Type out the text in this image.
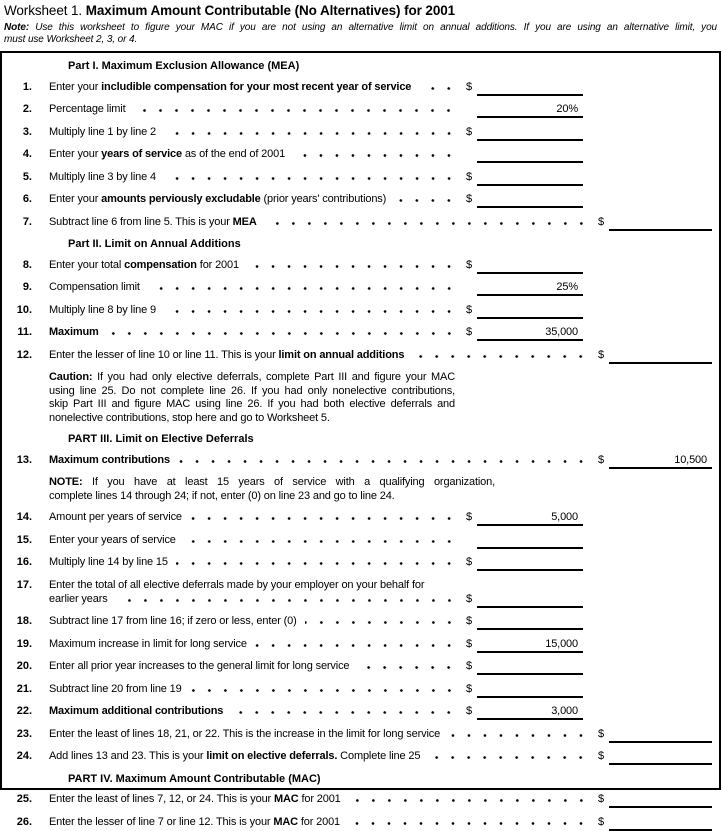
Worksheet 1. Maximum Amount Contributable (No Alternatives) for 2001
Note: Use this worksheet to figure your MAC if you are not using an alternative limit on annual additions. If you are using an alternative limit, you
must use Worksheet 2, 3, or 4.
Part I. Maximum Exclusion Allowance (MEA)
1. Enter your includible compensation for your most recent year of service	$
2. Percentage limit	20%
3. Multiply line 1 by line 2	$
4. Enter your years of service as of the end of 2001
5. Multiply line 3 by line 4	$
6. Enter your amounts perviously excludable (prior years' contributions)	$
7. Subtract line 6 from line 5. This is your MEA	$
Part II. Limit on Annual Additions
8. Enter your total compensation for 2001	$
9. Compensation limit	25%
10. Multiply line 8 by line 9	$
11. Maximum	$	35,000
12. Enter the lesser of line 10 or line 11. This is your limit on annual additions	$
Caution: If you had only elective deferrals, complete Part III and figure your MAC
using line 25. Do not complete line 26. If you had only nonelective contributions,
skip Part III and figure MAC using line 26. If you had both elective deferrals and
nonelective contributions, stop here and go to Worksheet 5.
PART III. Limit on Elective Deferrals
13. Maximum contributions	$	10,500
NOTE: If you have at least 15 years of service with a qualifying organization,
complete lines 14 through 24; if not, enter (0) on line 23 and go to line 24.
14. Amount per years of service	$	5,000
15. Enter your years of service
16. Multiply line 14 by line 15	$
17. Enter the total of all elective deferrals made by your employer on your behalf for
earlier years	$
18. Subtract line 17 from line 16; if zero or less, enter (0)	$
19. Maximum increase in limit for long service	$	15,000
20. Enter all prior year increases to the general limit for long service	$
21. Subtract line 20 from line 19	$
22. Maximum additional contributions	$	3,000
23. Enter the least of lines 18, 21, or 22. This is the increase in the limit for long service	$
24. Add lines 13 and 23. This is your limit on elective deferrals. Complete line 25	$
PART IV. Maximum Amount Contributable (MAC)
25. Enter the least of lines 7, 12, or 24. This is your MAC for 2001	$
26. Enter the lesser of line 7 or line 12. This is your MAC for 2001	$
